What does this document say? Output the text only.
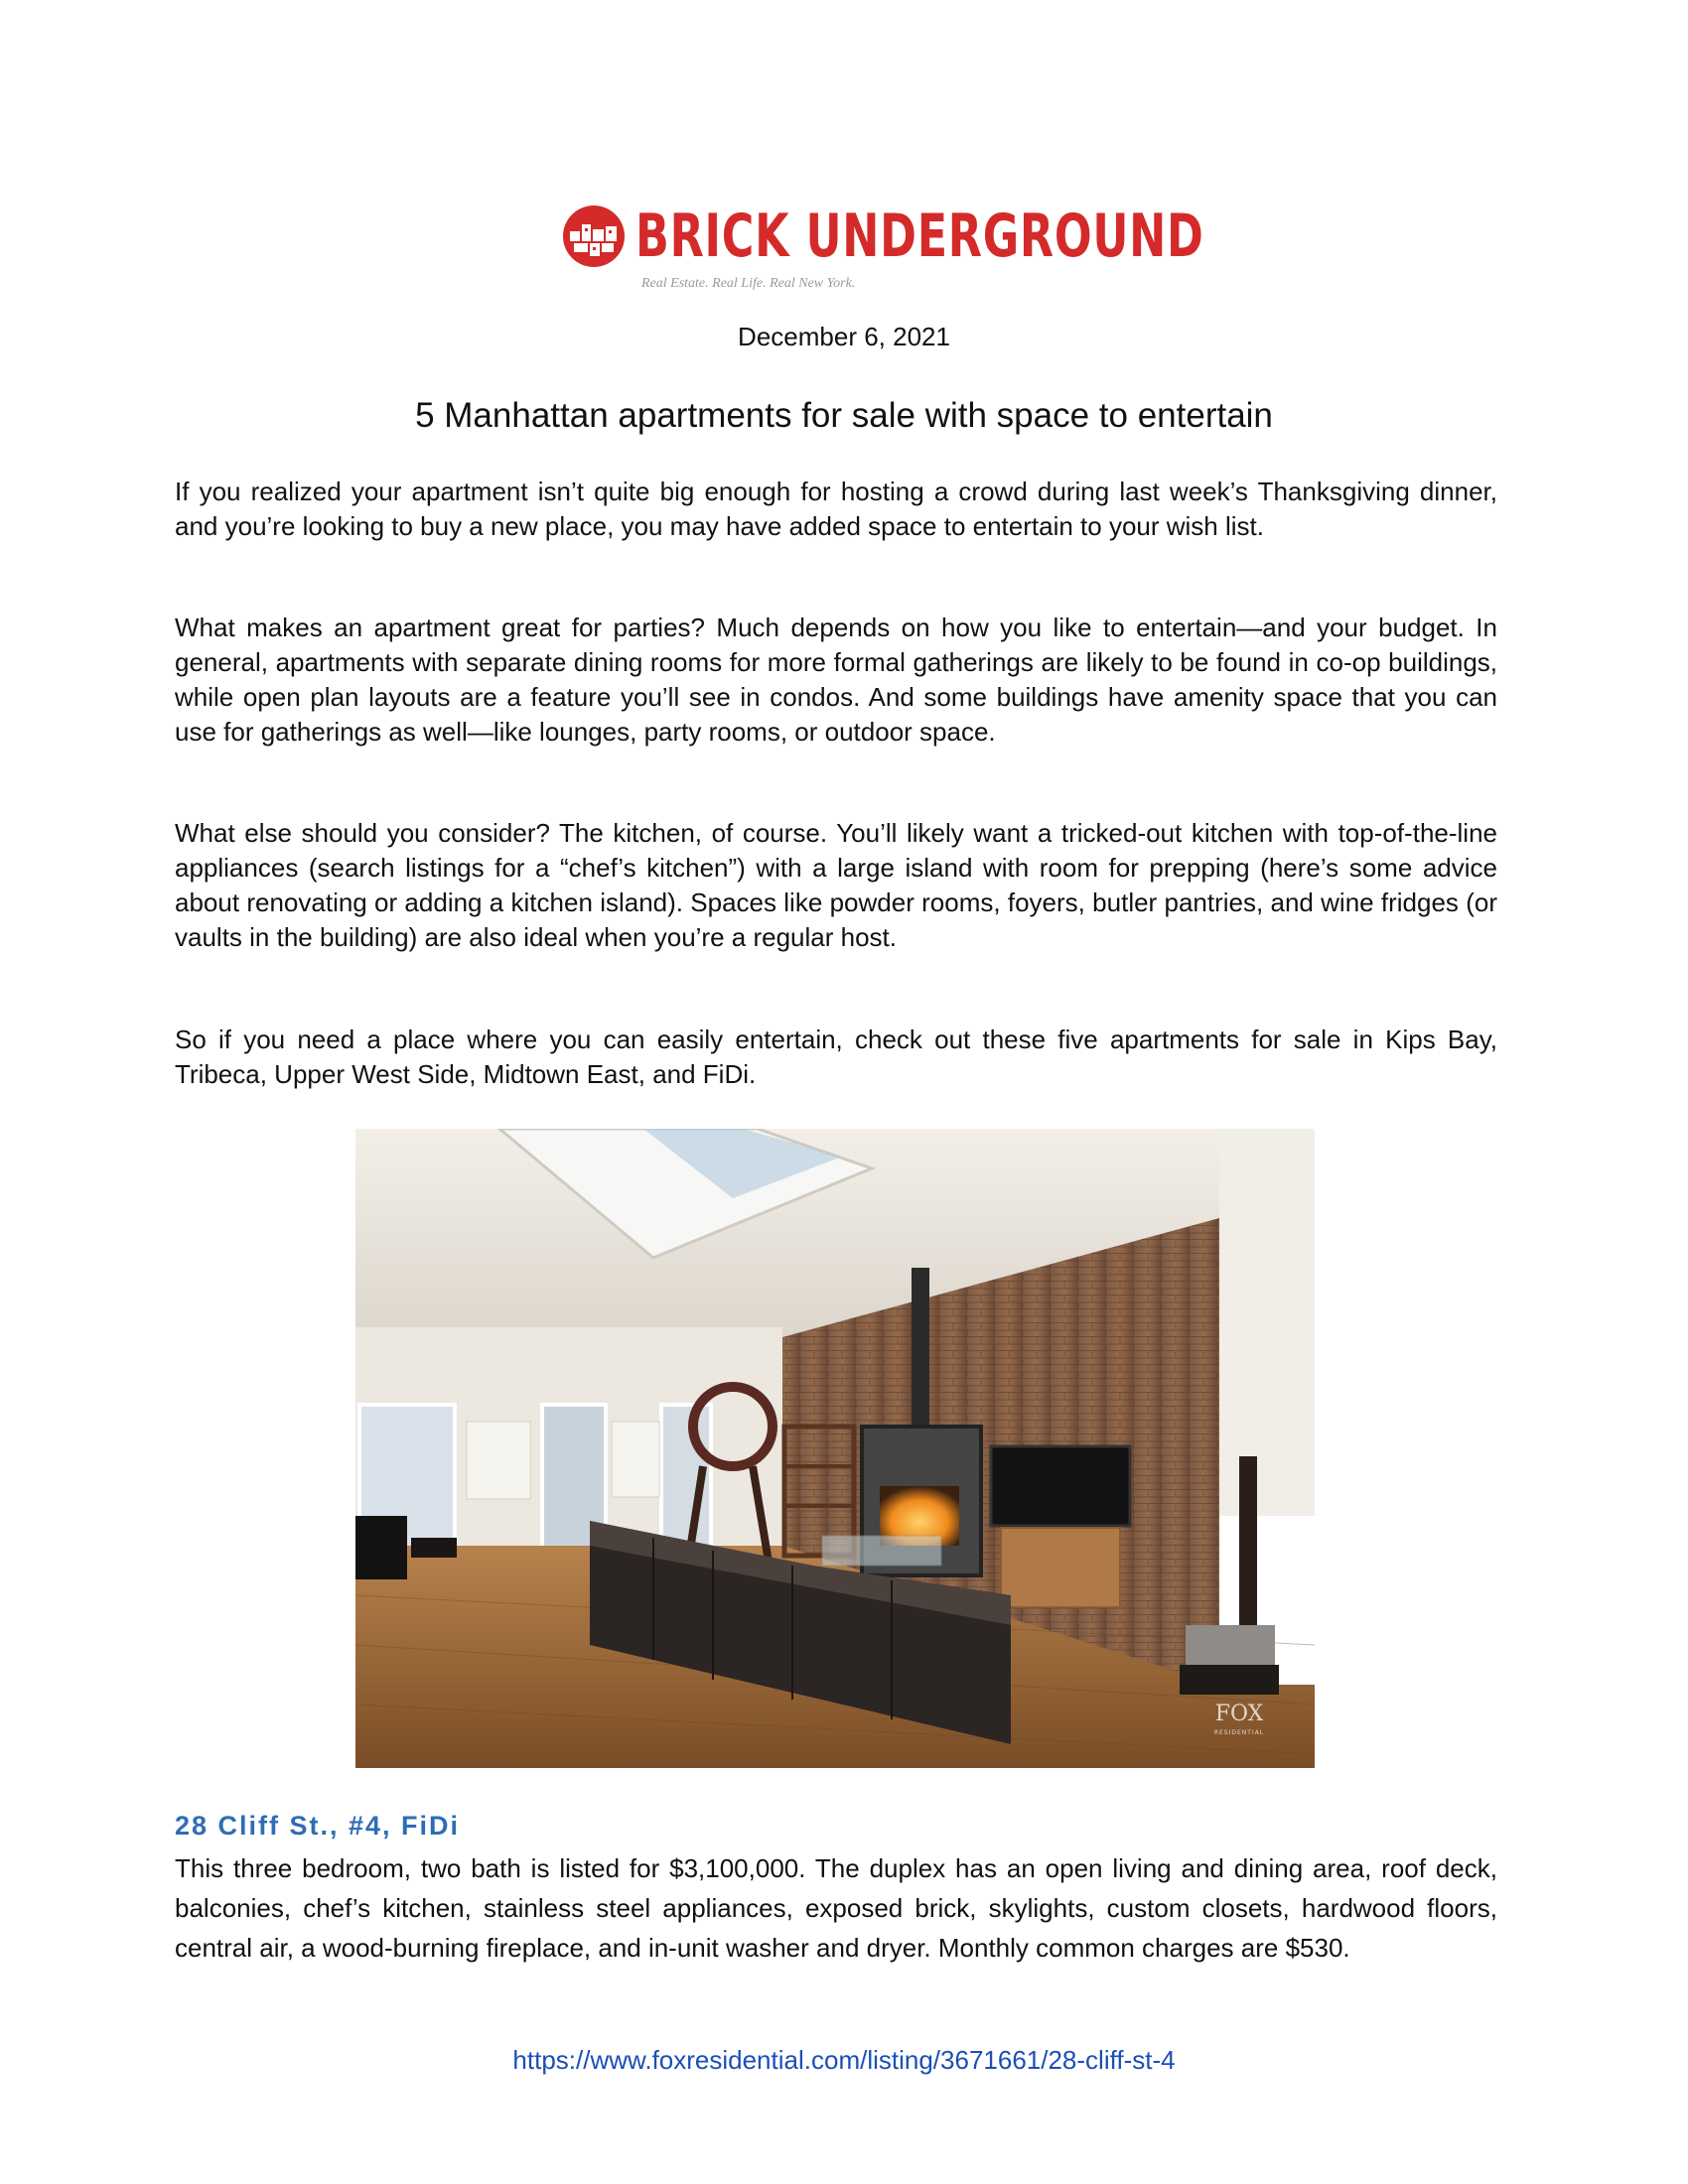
BRICK UNDERGROUND
Real Estate. Real Life. Real New York.
December 6, 2021
5 Manhattan apartments for sale with space to entertain

If you realized your apartment isn’t quite big enough for hosting a crowd during last week’s Thanksgiving dinner, and you’re looking to buy a new place, you may have added space to entertain to your wish list.

What makes an apartment great for parties? Much depends on how you like to entertain—and your budget. In general, apartments with separate dining rooms for more formal gatherings are likely to be found in co-op buildings, while open plan layouts are a feature you’ll see in condos. And some buildings have amenity space that you can use for gatherings as well—like lounges, party rooms, or outdoor space.

What else should you consider? The kitchen, of course. You’ll likely want a tricked-out kitchen with top-of-the-line appliances (search listings for a “chef’s kitchen”) with a large island with room for prepping (here’s some advice about renovating or adding a kitchen island). Spaces like powder rooms, foyers, butler pantries, and wine fridges (or vaults in the building) are also ideal when you’re a regular host.

So if you need a place where you can easily entertain, check out these five apartments for sale in Kips Bay, Tribeca, Upper West Side, Midtown East, and FiDi.

FOX
RESIDENTIAL
28 Cliff St., #4, FiDi

This three bedroom, two bath is listed for $3,100,000. The duplex has an open living and dining area, roof deck, balconies, chef’s kitchen, stainless steel appliances, exposed brick, skylights, custom closets, hardwood floors, central air, a wood-burning fireplace, and in-unit washer and dryer. Monthly common charges are $530.

https://www.foxresidential.com/listing/3671661/28-cliff-st-4
